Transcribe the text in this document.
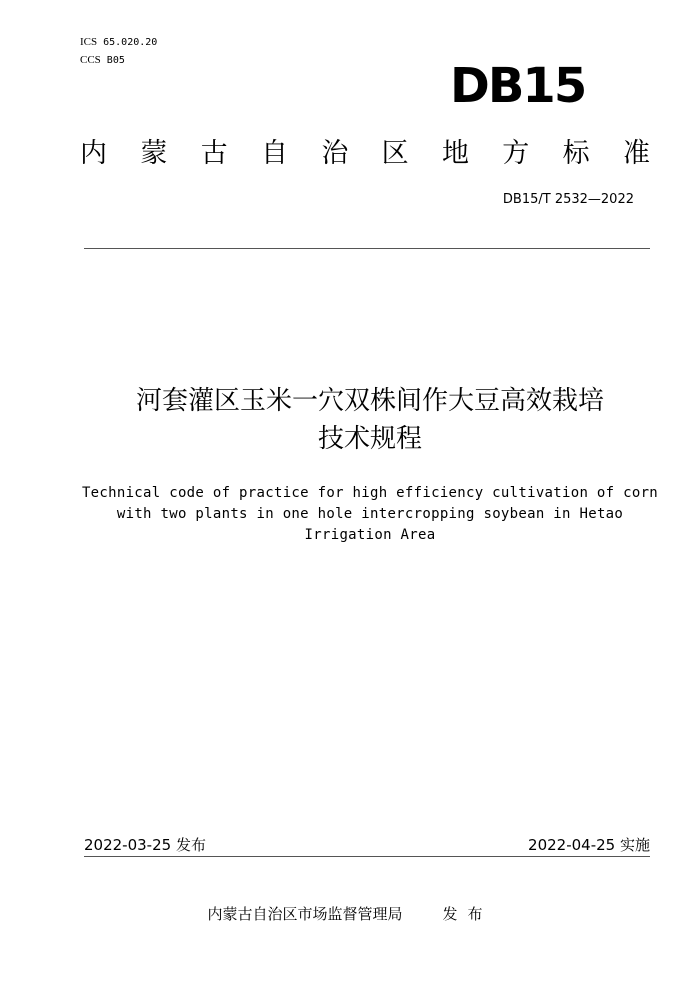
ICS 65.020.20
CCS B05	DB15
内 蒙 古 自 治 区 地 方 标 准
DB15/T 2532—2022
河套灌区玉米一穴双株间作大豆高效栽培
技术规程
Technical code of practice for high efficiency cultivation of corn
with two plants in one hole intercropping soybean in Hetao
Irrigation Area
2022-03-25 发布	2022-04-25 实施
内蒙古自治区市场监督管理局	发布
